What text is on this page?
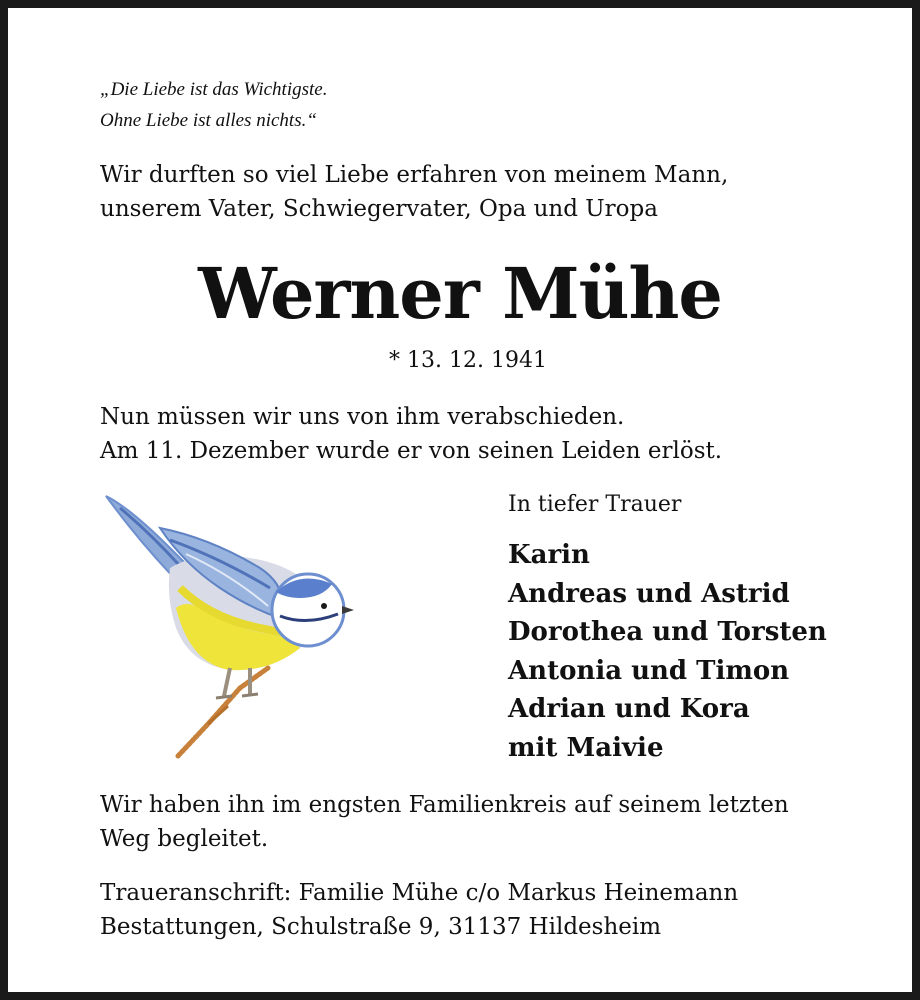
„Die Liebe ist das Wichtigste.
Ohne Liebe ist alles nichts.“
Wir durften so viel Liebe erfahren von meinem Mann,
unserem Vater, Schwiegervater, Opa und Uropa
Werner Mühe
* 13. 12. 1941
Nun müssen wir uns von ihm verabschieden.
Am 11. Dezember wurde er von seinen Leiden erlöst.
In tiefer Trauer
Karin
Andreas und Astrid
Dorothea und Torsten
Antonia und Timon
Adrian und Kora
mit Maivie
Wir haben ihn im engsten Familienkreis auf seinem letzten
Weg begleitet.
Traueranschrift: Familie Mühe c/o Markus Heinemann
Bestattungen, Schulstraße 9, 31137 Hildesheim
